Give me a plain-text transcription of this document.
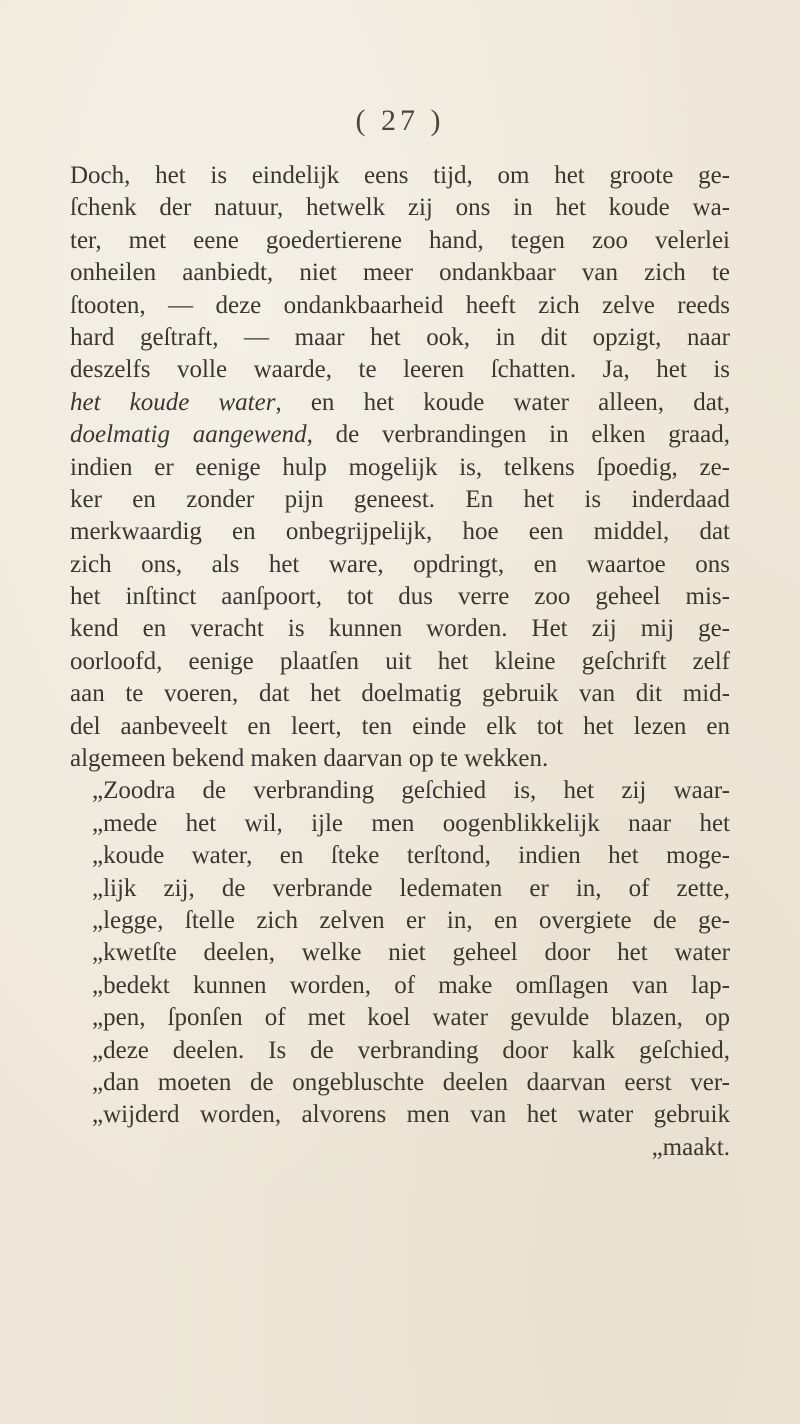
( 27 )
Doch, het is eindelijk eens tijd, om het groote ge-
ſchenk der natuur, hetwelk zij ons in het koude wa-
ter, met eene goedertierene hand, tegen zoo velerlei
onheilen aanbiedt, niet meer ondankbaar van zich te
ſtooten, — deze ondankbaarheid heeft zich zelve reeds
hard geſtraft, — maar het ook, in dit opzigt, naar
deszelfs volle waarde, te leeren ſchatten. Ja, het is
het koude water, en het koude water alleen, dat,
doelmatig aangewend, de verbrandingen in elken graad,
indien er eenige hulp mogelijk is, telkens ſpoedig, ze-
ker en zonder pijn geneest. En het is inderdaad
merkwaardig en onbegrijpelijk, hoe een middel, dat
zich ons, als het ware, opdringt, en waartoe ons
het inſtinct aanſpoort, tot dus verre zoo geheel mis-
kend en veracht is kunnen worden. Het zij mij ge-
oorloofd, eenige plaatſen uit het kleine geſchrift zelf
aan te voeren, dat het doelmatig gebruik van dit mid-
del aanbeveelt en leert, ten einde elk tot het lezen en
algemeen bekend maken daarvan op te wekken.
„Zoodra de verbranding geſchied is, het zij waar-
„mede het wil, ijle men oogenblikkelijk naar het
„koude water, en ſteke terſtond, indien het moge-
„lijk zij, de verbrande ledematen er in, of zette,
„legge, ſtelle zich zelven er in, en overgiete de ge-
„kwetſte deelen, welke niet geheel door het water
„bedekt kunnen worden, of make omſlagen van lap-
„pen, ſponſen of met koel water gevulde blazen, op
„deze deelen. Is de verbranding door kalk geſchied,
„dan moeten de ongebluschte deelen daarvan eerst ver-
„wijderd worden, alvorens men van het water gebruik
„maakt.
